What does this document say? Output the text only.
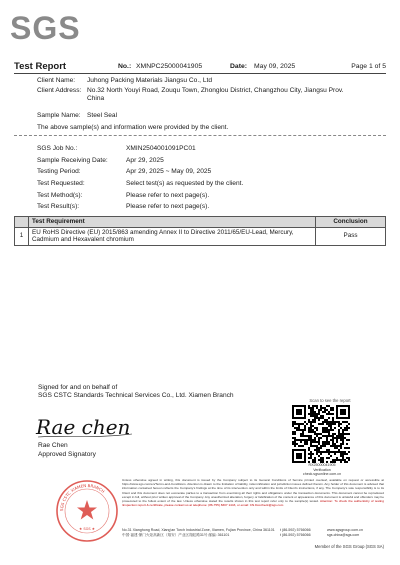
SGS
Test Report	No.: XMNPC25000041905	Date: May 09, 2025	Page 1 of 5
Client Name: Juhong Packing Materials Jiangsu Co., Ltd
Client Address: No.32 North Youyi Road, Zouqu Town, Zhonglou District, Changzhou City, Jiangsu Prov. China
Sample Name: Steel Seal
The above sample(s) and information were provided by the client.
SGS Job No.:	XMIN2504001091PC01
Sample Receiving Date:	Apr 29, 2025
Testing Period:	Apr 29, 2025 ~ May 09, 2025
Test Requested:	Select test(s) as requested by the client.
Test Method(s):	Please refer to next page(s).
Test Result(s):	Please refer to next page(s).
	Test Requirement	Conclusion
1	EU RoHS Directive (EU) 2015/863 amending Annex II to Directive 2011/65/EU-Lead, Mercury, Cadmium and Hexavalent chromium	Pass
Signed for and on behalf of
SGS CSTC Standards Technical Services Co., Ltd. Xiamen Branch
Rae chen
Rae Chen
Approved Signatory
Scan to see the report
RX25000041905
Verification
check.sgsonline.com.cn
SGS CSTC XIAMEN BRANCH
★ SGS ★
Unless otherwise agreed in writing, this document is issued by the Company subject to its General Conditions of Service printed overleaf, available on request or accessible at https://www.sgs.com/en/Terms-and-Conditions. Attention is drawn to the limitation of liability, indemnification and jurisdiction issues defined therein. Any holder of this document is advised that information contained hereon reflects the Company's findings at the time of its intervention only and within the limits of Client's instructions, if any. The Company's sole responsibility is to its Client and this document does not exonerate parties to a transaction from exercising all their rights and obligations under the transaction documents. This document cannot be reproduced except in full, without prior written approval of the Company. Any unauthorized alteration, forgery or falsification of the content or appearance of this document is unlawful and offenders may be prosecuted to the fullest extent of the law. Unless otherwise stated the results shown in this test report refer only to the sample(s) tested. Attention: To check the authenticity of testing /inspection report & certificate, please contact us at telephone: (86-755) 8307 1443, or email: CN.Doccheck@sgs.com
No.31 Xianghong Road, Xiang'an Torch Industrial Zone, Xiamen, Fujian Province, China 361101 t (86-592) 5766066	www.sgsgroup.com.cn
中国·福建·厦门火炬高新区（翔安）产业区翔虹路31号 邮编: 361101	t (86-592) 5766066	sgs.china@sgs.com
Member of the SGS Group (SGS SA)
